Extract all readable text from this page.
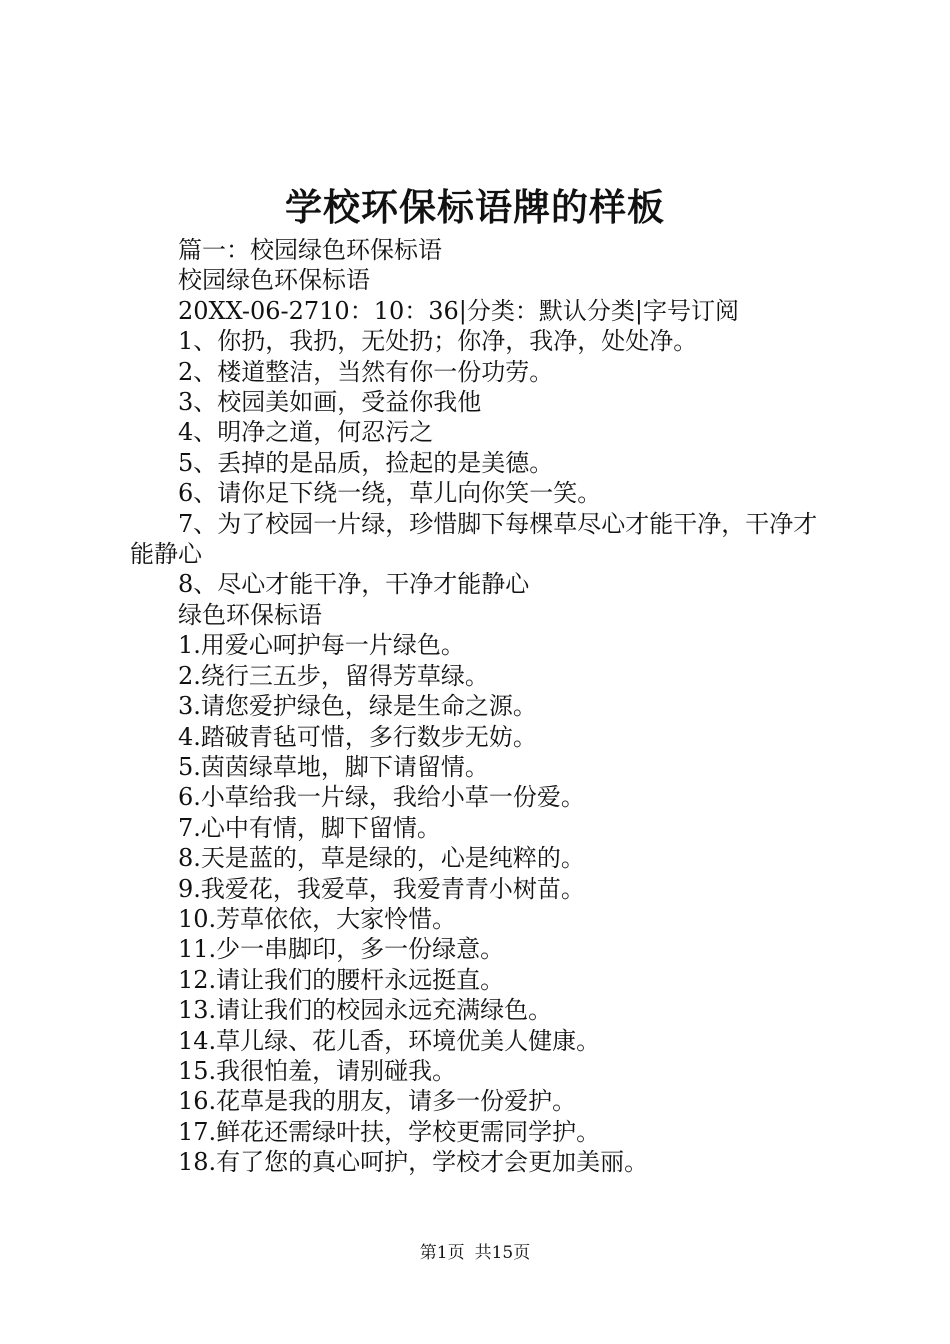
学校环保标语牌的样板

篇一：校园绿色环保标语

校园绿色环保标语

20XX-06-2710：10：36|分类：默认分类|字号订阅

1、你扔，我扔，无处扔；你净，我净，处处净。

2、楼道整洁，当然有你一份功劳。

3、校园美如画，受益你我他

4、明净之道，何忍污之

5、丢掉的是品质，捡起的是美德。

6、请你足下绕一绕，草儿向你笑一笑。

7、为了校园一片绿，珍惜脚下每棵草尽心才能干净，干净才能静心

8、尽心才能干净，干净才能静心

绿色环保标语

1.用爱心呵护每一片绿色。

2.绕行三五步，留得芳草绿。

3.请您爱护绿色，绿是生命之源。

4.踏破青毡可惜，多行数步无妨。

5.茵茵绿草地，脚下请留情。

6.小草给我一片绿，我给小草一份爱。

7.心中有情，脚下留情。

8.天是蓝的，草是绿的，心是纯粹的。

9.我爱花，我爱草，我爱青青小树苗。

10.芳草依依，大家怜惜。

11.少一串脚印，多一份绿意。

12.请让我们的腰杆永远挺直。

13.请让我们的校园永远充满绿色。

14.草儿绿、花儿香，环境优美人健康。

15.我很怕羞，请别碰我。

16.花草是我的朋友，请多一份爱护。

17.鲜花还需绿叶扶，学校更需同学护。

18.有了您的真心呵护，学校才会更加美丽。

第1页 共15页
